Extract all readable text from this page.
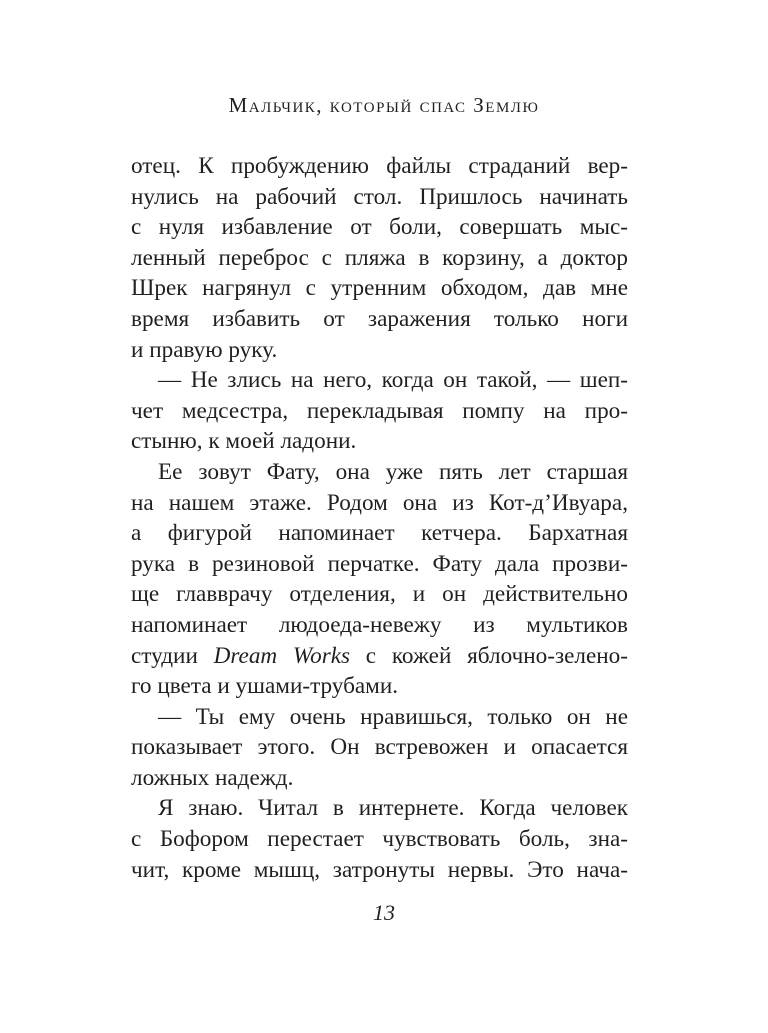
Мальчик, который спас Землю
отец. К пробуждению файлы страданий вер-
нулись на рабочий стол. Пришлось начинать
с нуля избавление от боли, совершать мыс-
ленный переброс с пляжа в корзину, а доктор
Шрек нагрянул с утренним обходом, дав мне
время избавить от заражения только ноги
и правую руку.
— Не злись на него, когда он такой, — шеп-
чет медсестра, перекладывая помпу на про-
стыню, к моей ладони.
Ее зовут Фату, она уже пять лет старшая
на нашем этаже. Родом она из Кот-д’Ивуара,
а фигурой напоминает кетчера. Бархатная
рука в резиновой перчатке. Фату дала прозви-
ще главврачу отделения, и он действительно
напоминает людоеда-невежу из мультиков
студии Dream Works с кожей яблочно-зелено-
го цвета и ушами-трубами.
— Ты ему очень нравишься, только он не
показывает этого. Он встревожен и опасается
ложных надежд.
Я знаю. Читал в интернете. Когда человек
с Бофором перестает чувствовать боль, зна-
чит, кроме мышц, затронуты нервы. Это нача-
13
